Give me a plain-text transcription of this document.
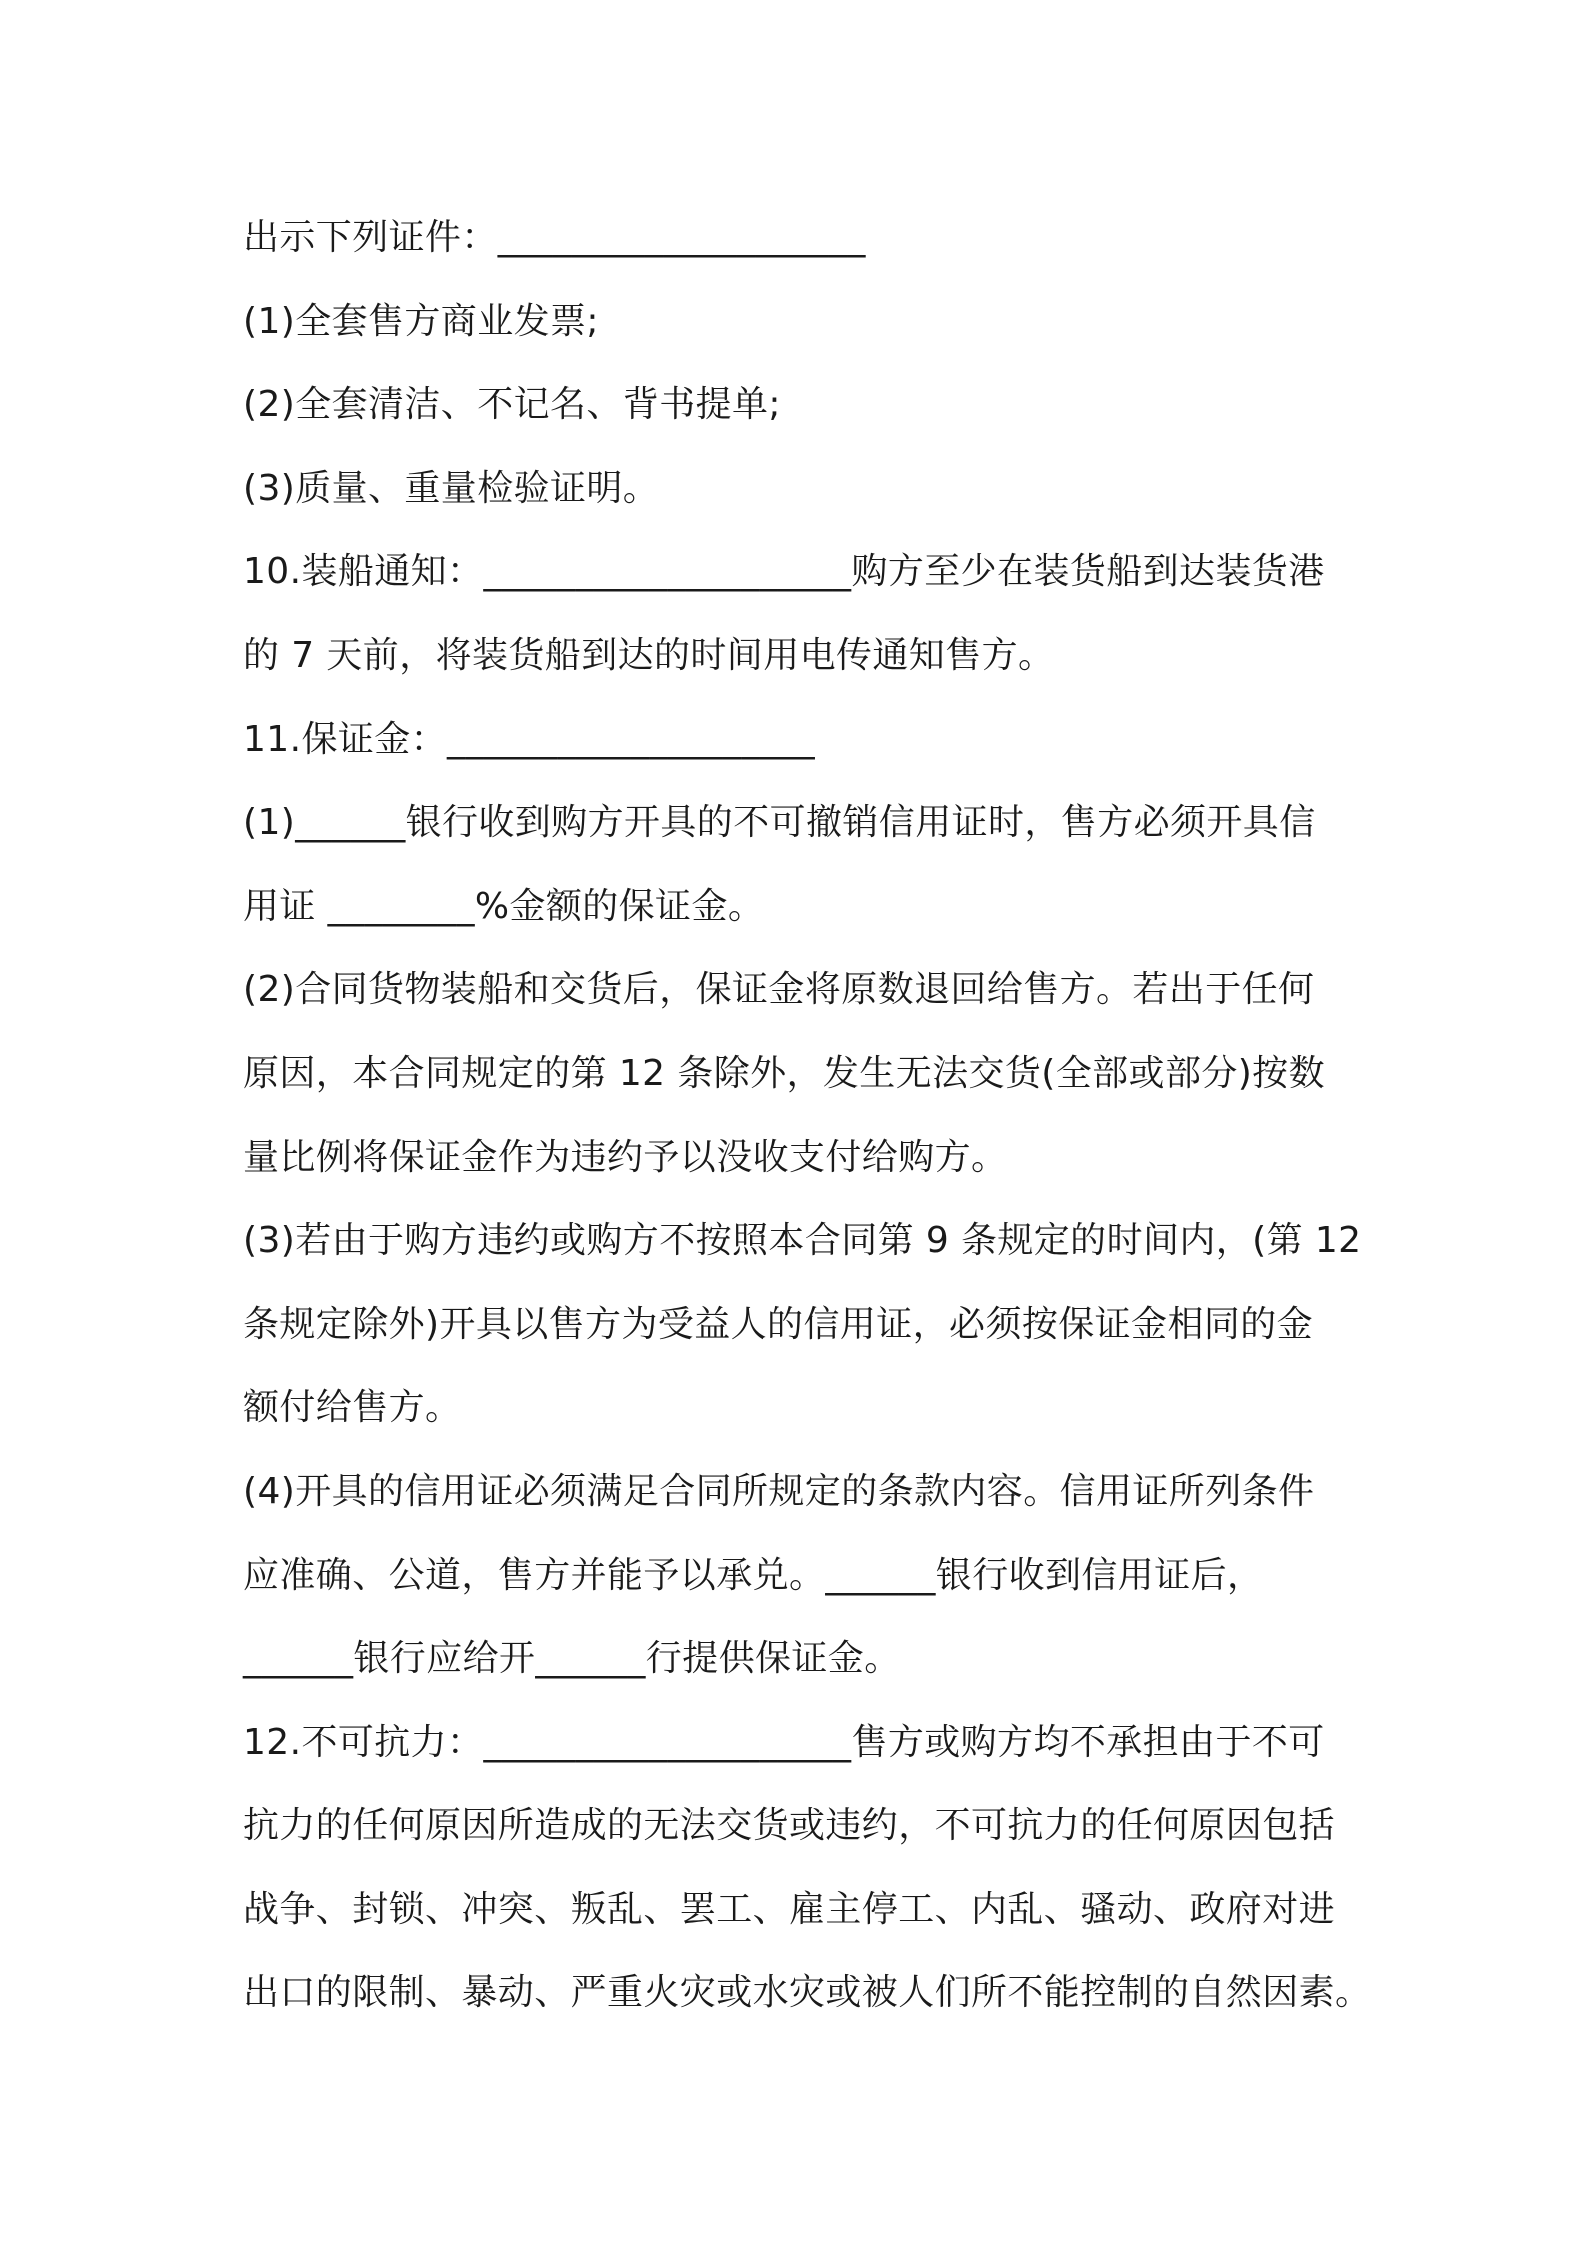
出示下列证件：____________________
(1)全套售方商业发票;
(2)全套清洁、不记名、背书提单;
(3)质量、重量检验证明。
10.装船通知：____________________购方至少在装货船到达装货港
的 7 天前，将装货船到达的时间用电传通知售方。
11.保证金：____________________
(1)______银行收到购方开具的不可撤销信用证时，售方必须开具信
用证 ________%金额的保证金。
(2)合同货物装船和交货后，保证金将原数退回给售方。若出于任何
原因，本合同规定的第 12 条除外，发生无法交货(全部或部分)按数
量比例将保证金作为违约予以没收支付给购方。
(3)若由于购方违约或购方不按照本合同第 9 条规定的时间内，(第 12
条规定除外)开具以售方为受益人的信用证，必须按保证金相同的金
额付给售方。
(4)开具的信用证必须满足合同所规定的条款内容。信用证所列条件
应准确、公道，售方并能予以承兑。______银行收到信用证后，
______银行应给开______行提供保证金。
12.不可抗力：____________________售方或购方均不承担由于不可
抗力的任何原因所造成的无法交货或违约，不可抗力的任何原因包括
战争、封锁、冲突、叛乱、罢工、雇主停工、内乱、骚动、政府对进
出口的限制、暴动、严重火灾或水灾或被人们所不能控制的自然因素。
